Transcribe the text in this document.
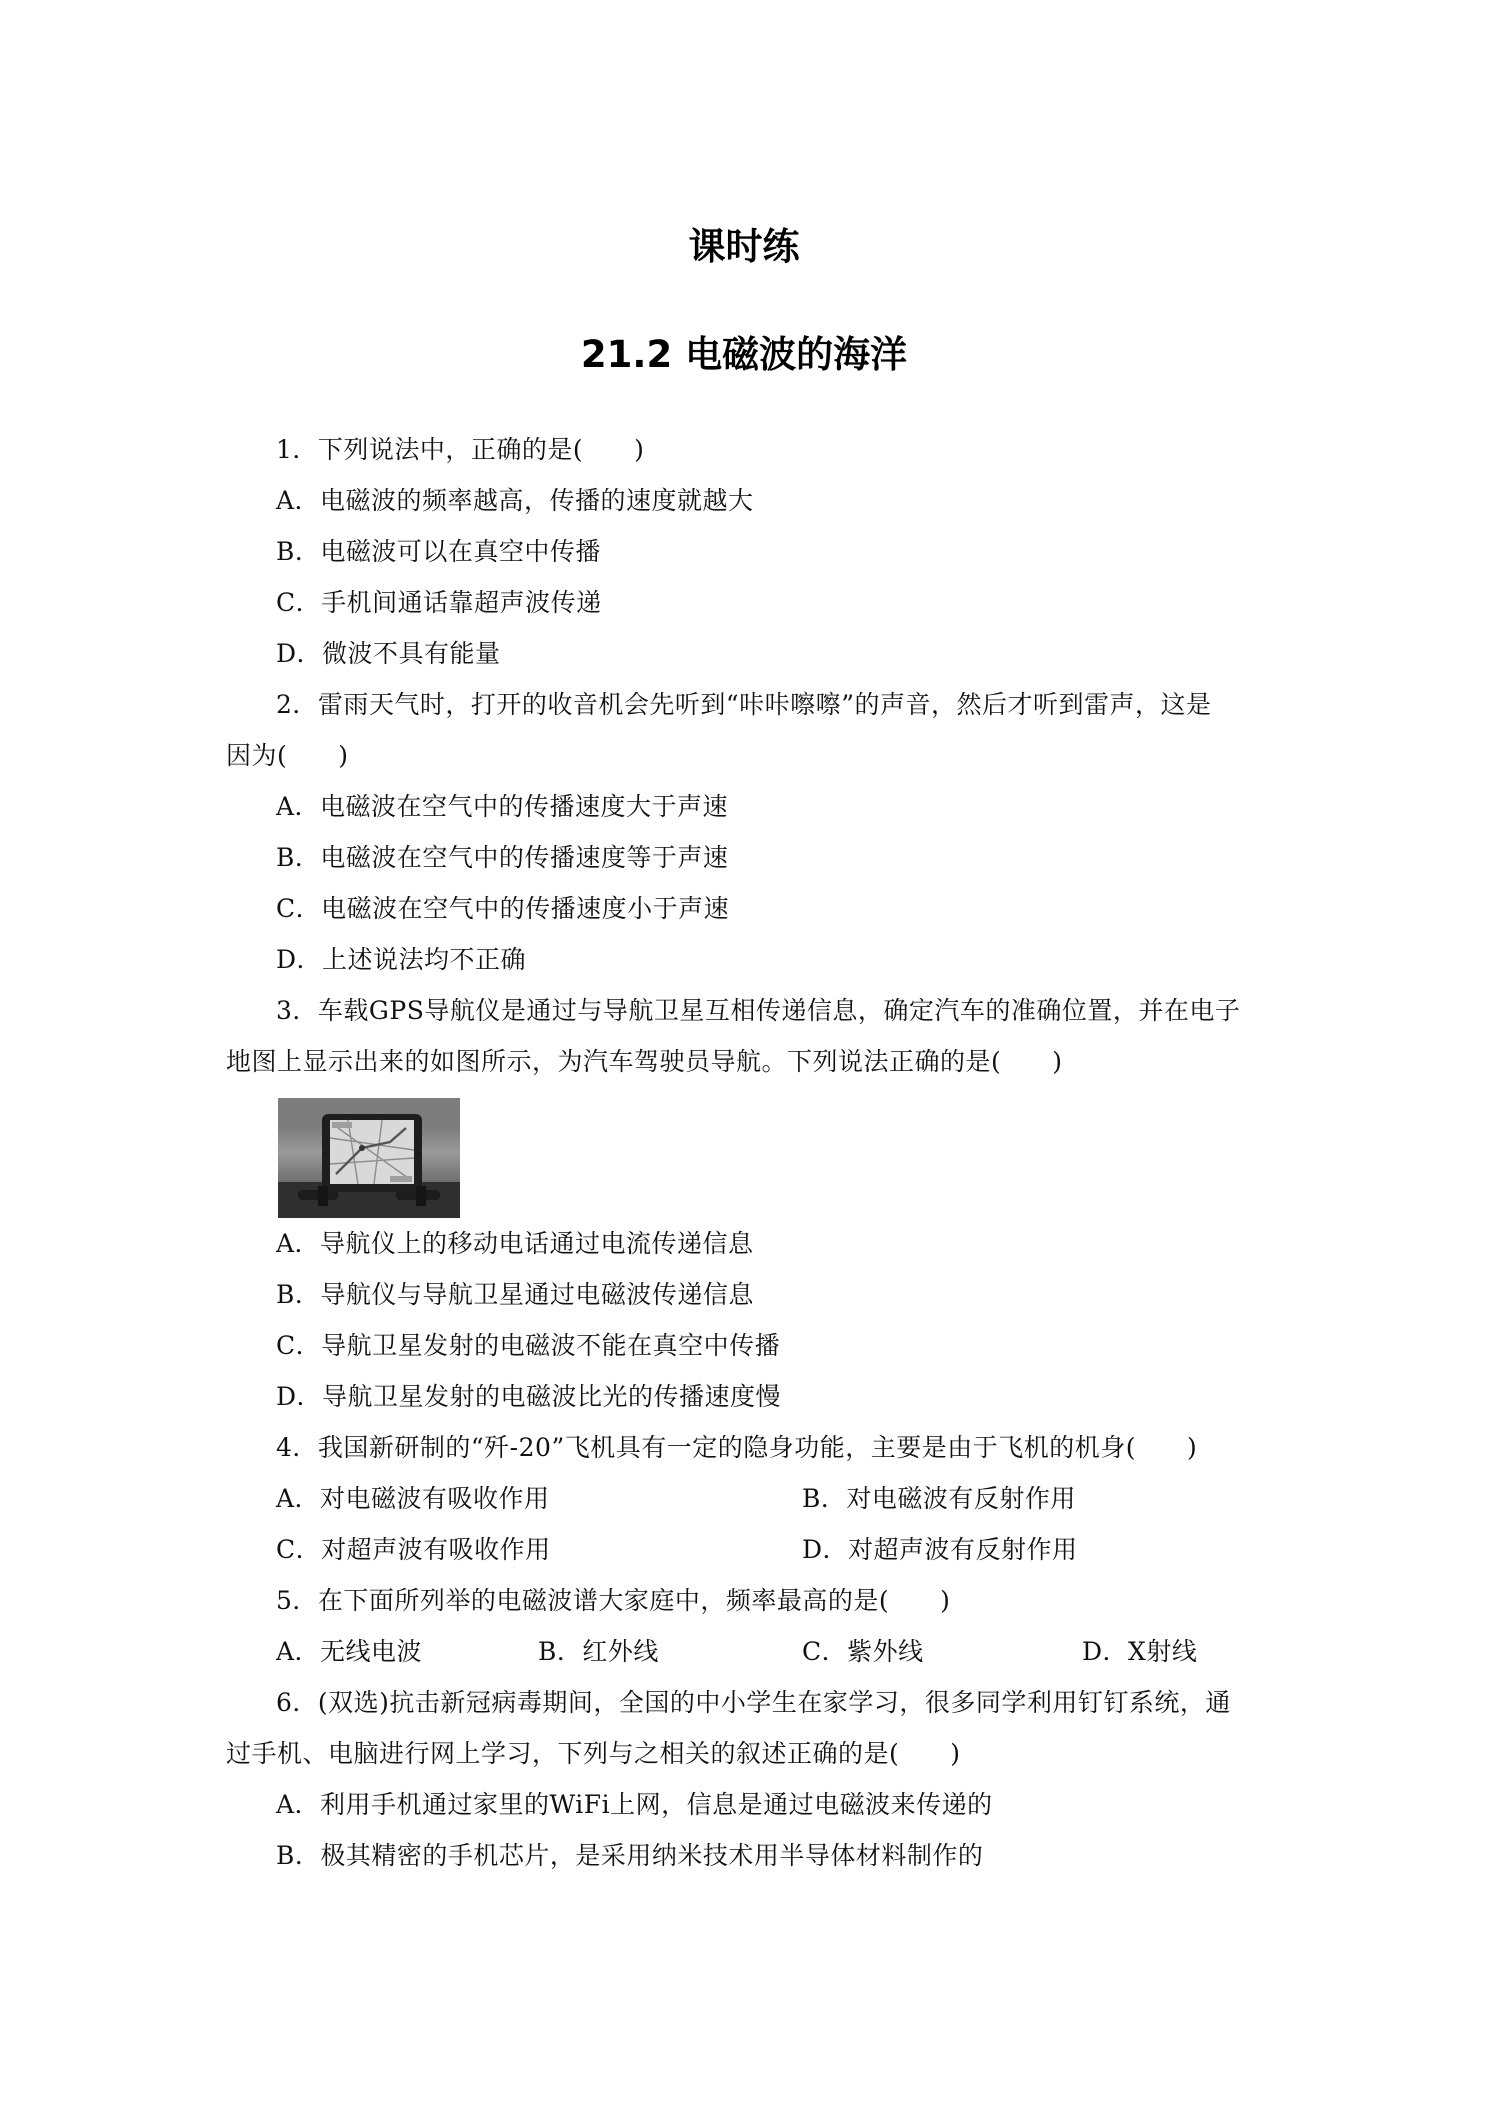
课时练
21.2 电磁波的海洋
1．下列说法中，正确的是(　　)
A．电磁波的频率越高，传播的速度就越大
B．电磁波可以在真空中传播
C．手机间通话靠超声波传递
D．微波不具有能量
2．雷雨天气时，打开的收音机会先听到“咔咔嚓嚓”的声音，然后才听到雷声，这是
因为(　　)
A．电磁波在空气中的传播速度大于声速
B．电磁波在空气中的传播速度等于声速
C．电磁波在空气中的传播速度小于声速
D．上述说法均不正确
3．车载GPS导航仪是通过与导航卫星互相传递信息，确定汽车的准确位置，并在电子
地图上显示出来的如图所示，为汽车驾驶员导航。下列说法正确的是(　　)
A．导航仪上的移动电话通过电流传递信息
B．导航仪与导航卫星通过电磁波传递信息
C．导航卫星发射的电磁波不能在真空中传播
D．导航卫星发射的电磁波比光的传播速度慢
4．我国新研制的“歼-20”飞机具有一定的隐身功能，主要是由于飞机的机身(　　)
A．对电磁波有吸收作用	B．对电磁波有反射作用
C．对超声波有吸收作用	D．对超声波有反射作用
5．在下面所列举的电磁波谱大家庭中，频率最高的是(　　)
A．无线电波	B．红外线	C．紫外线	D．X射线
6．(双选)抗击新冠病毒期间，全国的中小学生在家学习，很多同学利用钉钉系统，通
过手机、电脑进行网上学习，下列与之相关的叙述正确的是(　　)
A．利用手机通过家里的WiFi上网，信息是通过电磁波来传递的
B．极其精密的手机芯片，是采用纳米技术用半导体材料制作的
